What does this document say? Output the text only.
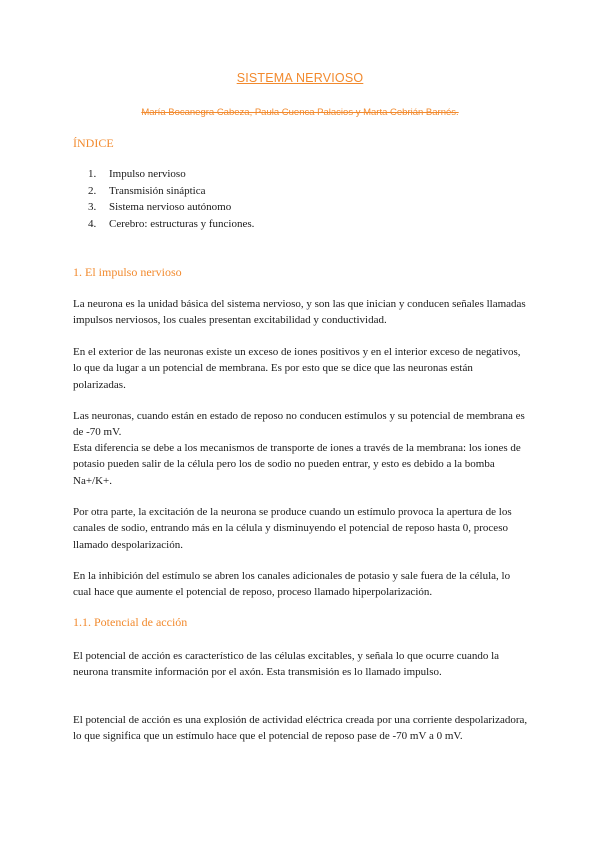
SISTEMA NERVIOSO
María Bocanegra Cabeza, Paula Cuenca Palacios y Marta Cebrián Barnés.
ÍNDICE
1.	Impulso nervioso
2.	Transmisión sináptica
3.	Sistema nervioso autónomo
4.	Cerebro: estructuras y funciones.
1. El impulso nervioso

La neurona es la unidad básica del sistema nervioso, y son las que inician y conducen señales llamadas impulsos nerviosos, los cuales presentan excitabilidad y conductividad.

En el exterior de las neuronas existe un exceso de iones positivos y en el interior exceso de negativos, lo que da lugar a un potencial de membrana. Es por esto que se dice que las neuronas están polarizadas.

Las neuronas, cuando están en estado de reposo no conducen estímulos y su potencial de membrana es de -70 mV.

Esta diferencia se debe a los mecanismos de transporte de iones a través de la membrana: los iones de potasio pueden salir de la célula pero los de sodio no pueden entrar, y esto es debido a la bomba Na+/K+.

Por otra parte, la excitación de la neurona se produce cuando un estímulo provoca la apertura de los canales de sodio, entrando más en la célula y disminuyendo el potencial de reposo hasta 0, proceso llamado despolarización.

En la inhibición del estímulo se abren los canales adicionales de potasio y sale fuera de la célula, lo cual hace que aumente el potencial de reposo, proceso llamado hiperpolarización.

1.1. Potencial de acción

El potencial de acción es característico de las células excitables, y señala lo que ocurre cuando la neurona transmite información por el axón. Esta transmisión es lo llamado impulso.

El potencial de acción es una explosión de actividad eléctrica creada por una corriente despolarizadora, lo que significa que un estímulo hace que el potencial de reposo pase de -70 mV a 0 mV.
